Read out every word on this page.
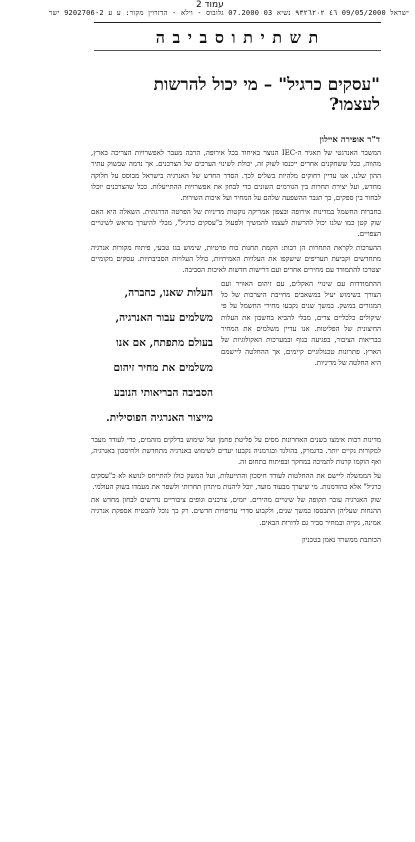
2 עמוד
ישראל 09/05/2000 ٤٦ ٩٣٢٦٢٠٢ נשיא 03 07.2000 גלובוס - וילא - הדזרוין מקור: ע ע 9202706-2 ישר
ת ש ת י ת ו ס ב י ב ה
"עסקים כרגיל" – מי יכול להרשות לעצמו?
ד"ר אופירה איילון

המשבר האנרגטי של תאגיד ה-IEC הנוצר באיחוד בכל אירופה, הרבה מעבר לאפשרויות הצריכה בארץ, מהווה, ככל ששחקנים אחרים ייכנסו לשוק זה, יכולת לשינוי הערכים של הצרכנים. אך נדמה שבשוק עתיר ההון שלנו, אנו עדיין רחוקים מלהיות בשלים לכך. הסדר החדש של האנרגיה בישראל מבוסס על חלוקה מחדש, ועל יצירת תחרות בין הגורמים השונים כדי לבחון את אפשרויות ההתייעלות. ככל שהצרכנים יוכלו לבחור בין ספקים, כך תגבר ההשפעה שלהם על המחיר ועל איכות השירות.

בחברות החשמל במדינות אירופה ובצפון אמריקה נוקטות מדיניות של הפרטה הדרגתית. השאלה היא האם שוק קטן כמו שלנו יכול להרשות לעצמו להמשיך ולפעול כ"עסקים כרגיל", מבלי להיערך מראש לשינויים הצפויים.

ההערכות לקראת התחרות הן רבות: הקמת תחנות כוח פרטיות, שימוש בגז טבעי, פיתוח מקורות אנרגיה מתחדשים וקביעת תעריפים שישקפו את העלויות האמיתיות, כולל העלויות הסביבתיות. עסקים מקומיים יצטרכו להתמודד עם מחירים אחרים ועם דרישות חדשות לאיכות הסביבה.

העלות שאנו, כחברה, משלמים עבור האנרגיה, בעולם מתפתח, אם אנו משלמים את מחיר זיהום הסביבה הבריאותי הנובע מייצור האנרגיה הפוסילית.

ההתמודדות עם שינויי האקלים, עם זיהום האוויר ועם הצורך בשימוש יעיל במשאבים מחייבת היערכות של כל המגזרים במשק. במשך שנים נקבעו מחירי החשמל על פי שיקולים כלכליים צרים, מבלי להביא בחשבון את העלות החיצונית של הפליטות. אנו עדיין משלמים את המחיר בבריאות הציבור, בפגיעה בנוף ובמערכות האקולוגיות של הארץ. פתרונות טכנולוגיים קיימים, אך ההחלטה ליישמם היא החלטה של מדיניות.

מדינות רבות אימצו בשנים האחרונות מסים על פליטת פחמן ועל שימוש בדלקים מזהמים, כדי לעודד מעבר למקורות נקיים יותר. בדנמרק, בהולנד ובגרמניה נקבעו יעדים לשימוש באנרגיה מתחדשת ולחיסכון באנרגיה, ואף הוקמו קרנות לתמיכה במחקר ובפיתוח בתחום זה.

על הממשלה ליישם את ההחלטות לעודד חיסכון והתייעלות, ועל המשק כולו להתייחס לנושא לא כ"עסקים כרגיל" אלא כהזדמנות. מי שיערך מבעוד מועד, יוכל ליהנות מיתרון תחרותי ולשפר את מעמדו בשוק העולמי.

שוק האנרגיה עובר תקופה של שינויים מהירים. יזמים, צרכנים וגופים ציבוריים נדרשים לבחון מחדש את ההנחות שעליהן התבססו במשך שנים, ולקבוע סדרי עדיפויות חדשים. רק כך נוכל להבטיח אספקת אנרגיה אמינה, נקייה ובמחיר סביר גם לדורות הבאים.

הכותבת ממשרד נאמן בטכניון
